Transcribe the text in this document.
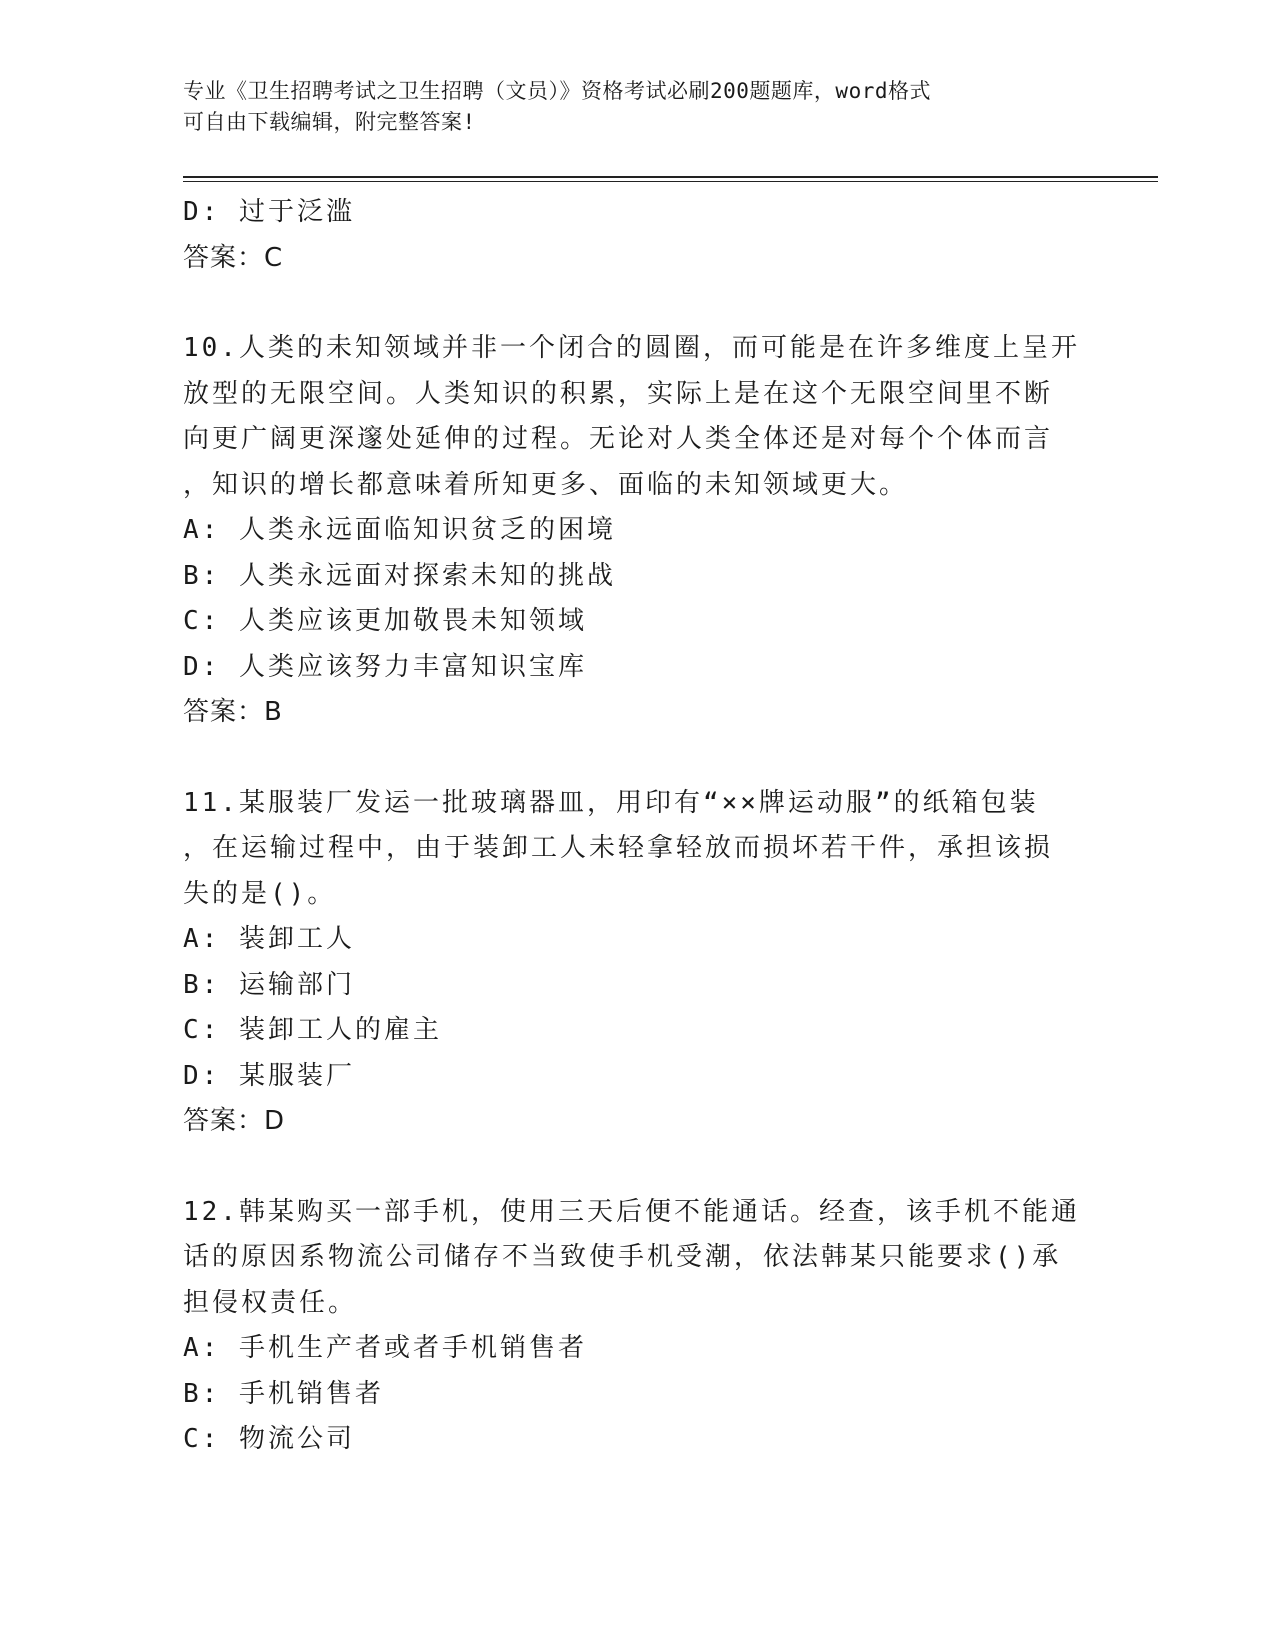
专业《卫生招聘考试之卫生招聘（文员）》资格考试必刷200题题库，word格式
可自由下载编辑，附完整答案!
D: 过于泛滥
答案：C
10.人类的未知领域并非一个闭合的圆圈，而可能是在许多维度上呈开
放型的无限空间。人类知识的积累，实际上是在这个无限空间里不断
向更广阔更深邃处延伸的过程。无论对人类全体还是对每个个体而言
，知识的增长都意味着所知更多、面临的未知领域更大。
A: 人类永远面临知识贫乏的困境
B: 人类永远面对探索未知的挑战
C: 人类应该更加敬畏未知领域
D: 人类应该努力丰富知识宝库
答案：B
11.某服装厂发运一批玻璃器皿，用印有“××牌运动服”的纸箱包装
，在运输过程中，由于装卸工人未轻拿轻放而损坏若干件，承担该损
失的是()。
A: 装卸工人
B: 运输部门
C: 装卸工人的雇主
D: 某服装厂
答案：D
12.韩某购买一部手机，使用三天后便不能通话。经查，该手机不能通
话的原因系物流公司储存不当致使手机受潮，依法韩某只能要求()承
担侵权责任。
A: 手机生产者或者手机销售者
B: 手机销售者
C: 物流公司
